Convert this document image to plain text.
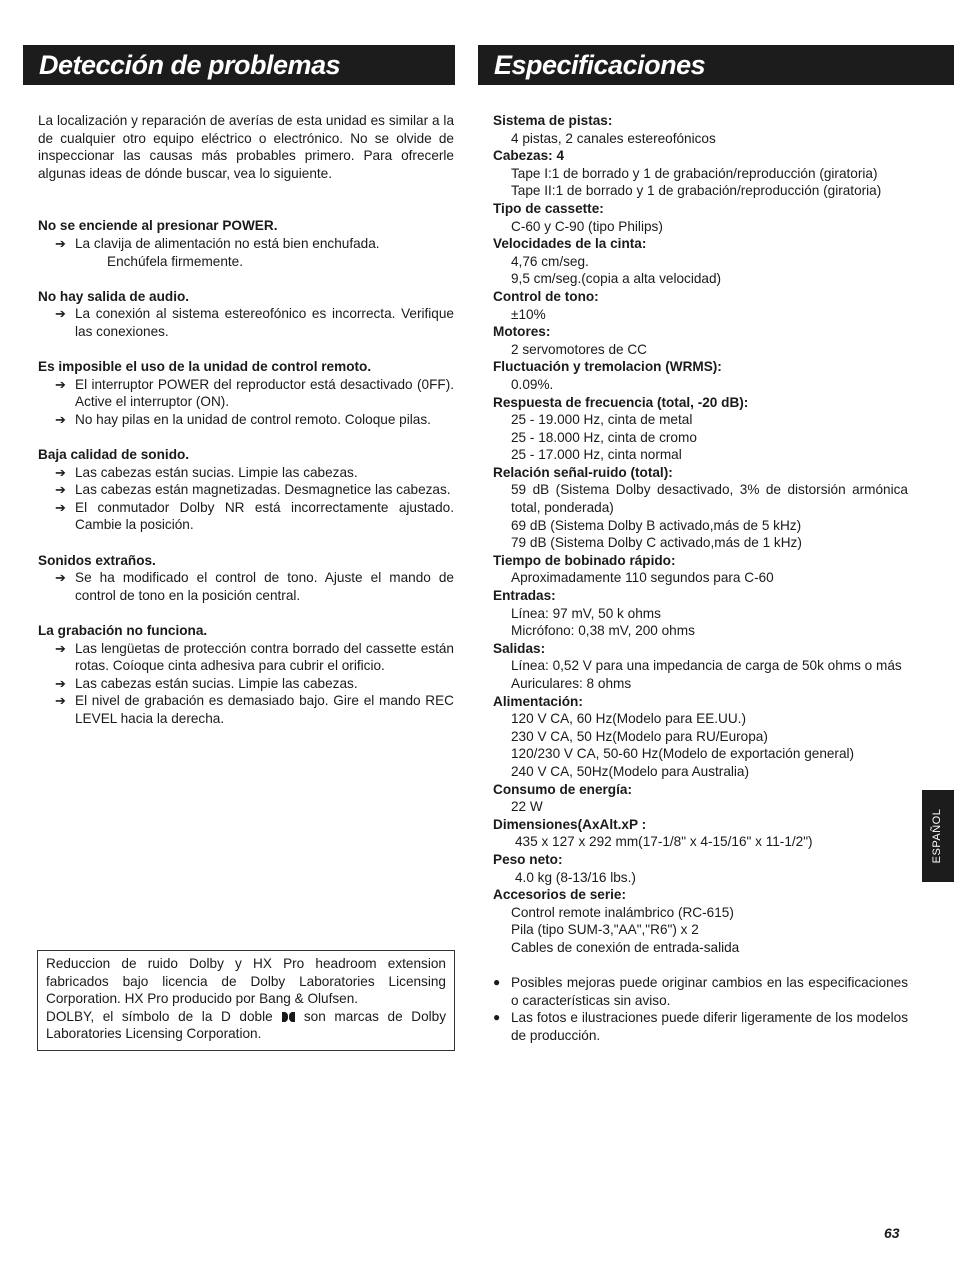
Detección de problemas	Especificaciones

La localización y reparación de averías de esta unidad es similar a la de cualquier otro equipo eléctrico o electrónico. No se olvide de inspeccionar las causas más probables primero. Para ofrecerle algunas ideas de dónde buscar, vea lo siguiente.

No se enciende al presionar POWER.
➔ La clavija de alimentación no está bien enchufada.
Enchúfela firmemente.
No hay salida de audio.
➔ La conexión al sistema estereofónico es incorrecta. Verifique las conexiones.
Es imposible el uso de la unidad de control remoto.
➔ El interruptor POWER del reproductor está desactivado (0FF). Active el interruptor (ON).
➔ No hay pilas en la unidad de control remoto. Coloque pilas.
Baja calidad de sonido.
➔ Las cabezas están sucias. Limpie las cabezas.
➔ Las cabezas están magnetizadas. Desmagnetice las cabezas.
➔ El conmutador Dolby NR está incorrectamente ajustado. Cambie la posición.
Sonidos extraños.
➔ Se ha modificado el control de tono. Ajuste el mando de control de tono en la posición central.
La grabación no funciona.
➔ Las lengüetas de protección contra borrado del cassette están rotas. Coíoque cinta adhesiva para cubrir el orificio.
➔ Las cabezas están sucias. Limpie las cabezas.
➔ El nivel de grabación es demasiado bajo. Gire el mando REC LEVEL hacia la derecha.
Reduccion de ruido Dolby y HX Pro headroom extension fabricados bajo licencia de Dolby Laboratories Licensing Corporation. HX Pro producido por Bang & Olufsen.
DOLBY, el símbolo de la D doble son marcas de Dolby Laboratories Licensing Corporation.
Sistema de pistas:
4 pistas, 2 canales estereofónicos
Cabezas: 4
Tape I:1 de borrado y 1 de grabación/reproducción (giratoria)
Tape II:1 de borrado y 1 de grabación/reproducción (giratoria)
Tipo de cassette:
C-60 y C-90 (tipo Philips)
Velocidades de la cinta:
4,76 cm/seg.
9,5 cm/seg.(copia a alta velocidad)
Control de tono:
±10%
Motores:
2 servomotores de CC
Fluctuación y tremolacion (WRMS):
0.09%.
Respuesta de frecuencia (total, -20 dB):
25 - 19.000 Hz, cinta de metal
25 - 18.000 Hz, cinta de cromo
25 - 17.000 Hz, cinta normal
Relación señal-ruido (total):
59 dB (Sistema Dolby desactivado, 3% de distorsión armónica total, ponderada)
69 dB (Sistema Dolby B activado,más de 5 kHz)
79 dB (Sistema Dolby C activado,más de 1 kHz)
Tiempo de bobinado rápido:
Aproximadamente 110 segundos para C-60
Entradas:
Línea: 97 mV, 50 k ohms
Micrófono: 0,38 mV, 200 ohms
Salidas:
Línea: 0,52 V para una impedancia de carga de 50k ohms o más
Auriculares: 8 ohms
Alimentación:
120 V CA, 60 Hz(Modelo para EE.UU.)
230 V CA, 50 Hz(Modelo para RU/Europa)
120/230 V CA, 50-60 Hz(Modelo de exportación general)
240 V CA, 50Hz(Modelo para Australia)
Consumo de energía:
22 W
Dimensiones(AxAlt.xP :
435 x 127 x 292 mm(17-1/8" x 4-15/16" x 11-1/2")
Peso neto:
4.0 kg (8-13/16 lbs.)
Accesorios de serie:
Control remote inalámbrico (RC-615)
Pila (tipo SUM-3,"AA","R6") x 2
Cables de conexión de entrada-salida
● Posibles mejoras puede originar cambios en las especificaciones o características sin aviso.
● Las fotos e ilustraciones puede diferir ligeramente de los modelos de producción.
ESPAÑOL
63
